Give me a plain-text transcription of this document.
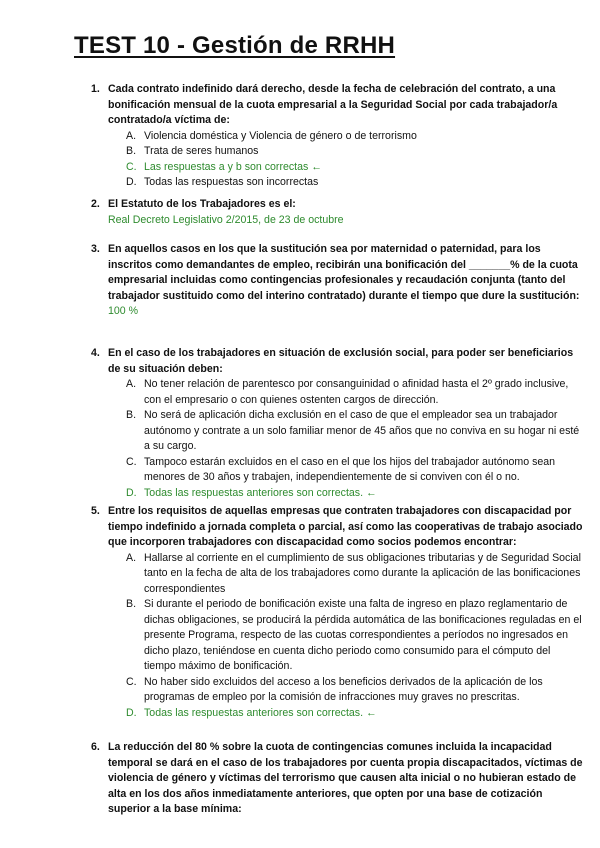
TEST 10 - Gestión de RRHH
1. Cada contrato indefinido dará derecho, desde la fecha de celebración del contrato, a una bonificación mensual de la cuota empresarial a la Seguridad Social por cada trabajador/a contratado/a víctima de:
A. Violencia doméstica y Violencia de género o de terrorismo
B. Trata de seres humanos
C. Las respuestas a y b son correctas ←
D. Todas las respuestas son incorrectas
2. El Estatuto de los Trabajadores es el:
Real Decreto Legislativo 2/2015, de 23 de octubre
3. En aquellos casos en los que la sustitución sea por maternidad o paternidad, para los inscritos como demandantes de empleo, recibirán una bonificación del _______% de la cuota empresarial incluidas como contingencias profesionales y recaudación conjunta (tanto del trabajador sustituido como del interino contratado) durante el tiempo que dure la sustitución:
100 %
4. En el caso de los trabajadores en situación de exclusión social, para poder ser beneficiarios de su situación deben:
A. No tener relación de parentesco por consanguinidad o afinidad hasta el 2º grado inclusive, con el empresario o con quienes ostenten cargos de dirección.
B. No será de aplicación dicha exclusión en el caso de que el empleador sea un trabajador autónomo y contrate a un solo familiar menor de 45 años que no conviva en su hogar ni esté a su cargo.
C. Tampoco estarán excluidos en el caso en el que los hijos del trabajador autónomo sean menores de 30 años y trabajen, independientemente de si conviven con él o no.
D. Todas las respuestas anteriores son correctas. ←
5. Entre los requisitos de aquellas empresas que contraten trabajadores con discapacidad por tiempo indefinido a jornada completa o parcial, así como las cooperativas de trabajo asociado que incorporen trabajadores con discapacidad como socios podemos encontrar:
A. Hallarse al corriente en el cumplimiento de sus obligaciones tributarias y de Seguridad Social tanto en la fecha de alta de los trabajadores como durante la aplicación de las bonificaciones correspondientes
B. Si durante el periodo de bonificación existe una falta de ingreso en plazo reglamentario de dichas obligaciones, se producirá la pérdida automática de las bonificaciones reguladas en el presente Programa, respecto de las cuotas correspondientes a períodos no ingresados en dicho plazo, teniéndose en cuenta dicho periodo como consumido para el cómputo del tiempo máximo de bonificación.
C. No haber sido excluidos del acceso a los beneficios derivados de la aplicación de los programas de empleo por la comisión de infracciones muy graves no prescritas.
D. Todas las respuestas anteriores son correctas. ←
6. La reducción del 80 % sobre la cuota de contingencias comunes incluida la incapacidad temporal se dará en el caso de los trabajadores por cuenta propia discapacitados, víctimas de violencia de género y víctimas del terrorismo que causen alta inicial o no hubieran estado de alta en los dos años inmediatamente anteriores, que opten por una base de cotización superior a la base mínima:
